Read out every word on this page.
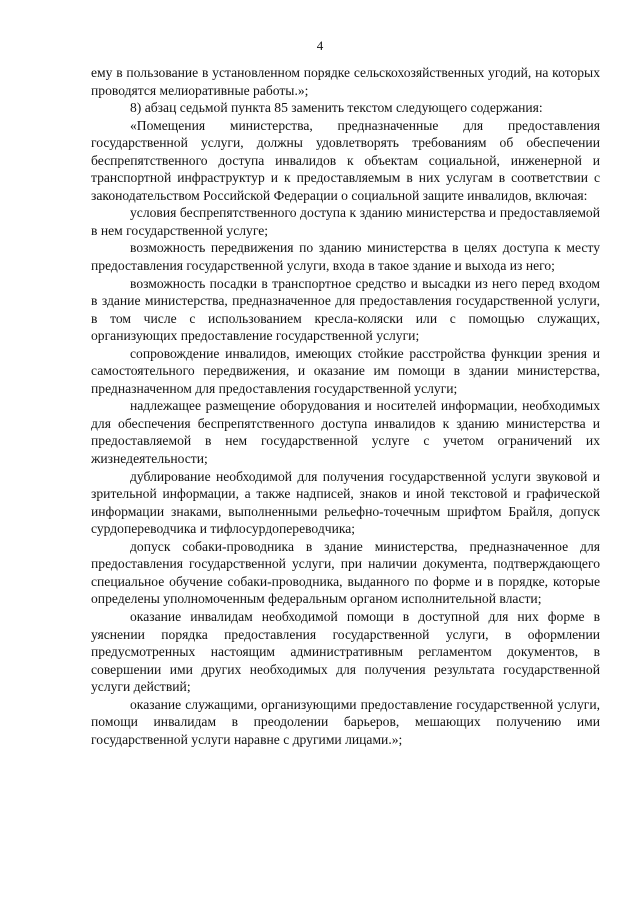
4

ему в пользование в установленном порядке сельскохозяйственных угодий, на которых проводятся мелиоративные работы.»;

8) абзац седьмой пункта 85 заменить текстом следующего содержания:

«Помещения министерства, предназначенные для предоставления государственной услуги, должны удовлетворять требованиям об обеспечении беспрепятственного доступа инвалидов к объектам социальной, инженерной и транспортной инфраструктур и к предоставляемым в них услугам в соответствии с законодательством Российской Федерации о социальной защите инвалидов, включая:

условия беспрепятственного доступа к зданию министерства и предоставляемой в нем государственной услуге;

возможность передвижения по зданию министерства в целях доступа к месту предоставления государственной услуги, входа в такое здание и выхода из него;

возможность посадки в транспортное средство и высадки из него перед входом в здание министерства, предназначенное для предоставления государственной услуги, в том числе с использованием кресла-коляски или с помощью служащих, организующих предоставление государственной услуги;

сопровождение инвалидов, имеющих стойкие расстройства функции зрения и самостоятельного передвижения, и оказание им помощи в здании министерства, предназначенном для предоставления государственной услуги;

надлежащее размещение оборудования и носителей информации, необходимых для обеспечения беспрепятственного доступа инвалидов к зданию министерства и предоставляемой в нем государственной услуге с учетом ограничений их жизнедеятельности;

дублирование необходимой для получения государственной услуги звуковой и зрительной информации, а также надписей, знаков и иной текстовой и графической информации знаками, выполненными рельефно-точечным шрифтом Брайля, допуск сурдопереводчика и тифлосурдопереводчика;

допуск собаки-проводника в здание министерства, предназначенное для предоставления государственной услуги, при наличии документа, подтверждающего специальное обучение собаки-проводника, выданного по форме и в порядке, которые определены уполномоченным федеральным органом исполнительной власти;

оказание инвалидам необходимой помощи в доступной для них форме в уяснении порядка предоставления государственной услуги, в оформлении предусмотренных настоящим административным регламентом документов, в совершении ими других необходимых для получения результата государственной услуги действий;

оказание служащими, организующими предоставление государственной услуги, помощи инвалидам в преодолении барьеров, мешающих получению ими государственной услуги наравне с другими лицами.»;
